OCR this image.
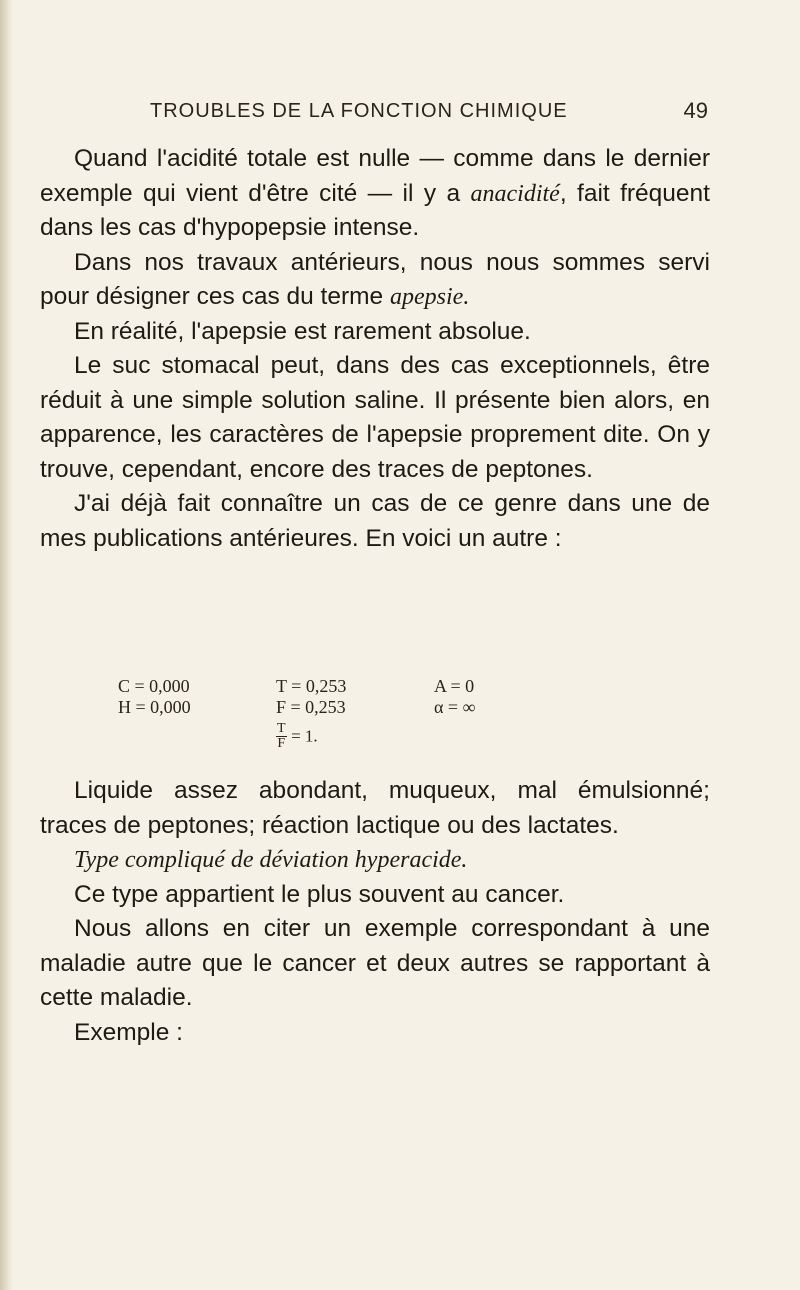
TROUBLES DE LA FONCTION CHIMIQUE	49

Quand l'acidité totale est nulle — comme dans le dernier exemple qui vient d'être cité — il y a anacidité, fait fréquent dans les cas d'hypopepsie intense.

Dans nos travaux antérieurs, nous nous sommes servi pour désigner ces cas du terme apepsie.

En réalité, l'apepsie est rarement absolue.

Le suc stomacal peut, dans des cas exceptionnels, être réduit à une simple solution saline. Il présente bien alors, en apparence, les caractères de l'apepsie proprement dite. On y trouve, cependant, encore des traces de peptones.

J'ai déjà fait connaître un cas de ce genre dans une de mes publications antérieures. En voici un autre :

C = 0,000	T = 0,253	A = 0
H = 0,000	F = 0,253	α = ∞
$\frac{T}{F} = 1$.

Liquide assez abondant, muqueux, mal émulsionné; traces de peptones; réaction lactique ou des lactates.

Type compliqué de déviation hyperacide.

Ce type appartient le plus souvent au cancer.

Nous allons en citer un exemple correspondant à une maladie autre que le cancer et deux autres se rapportant à cette maladie.

Exemple :
